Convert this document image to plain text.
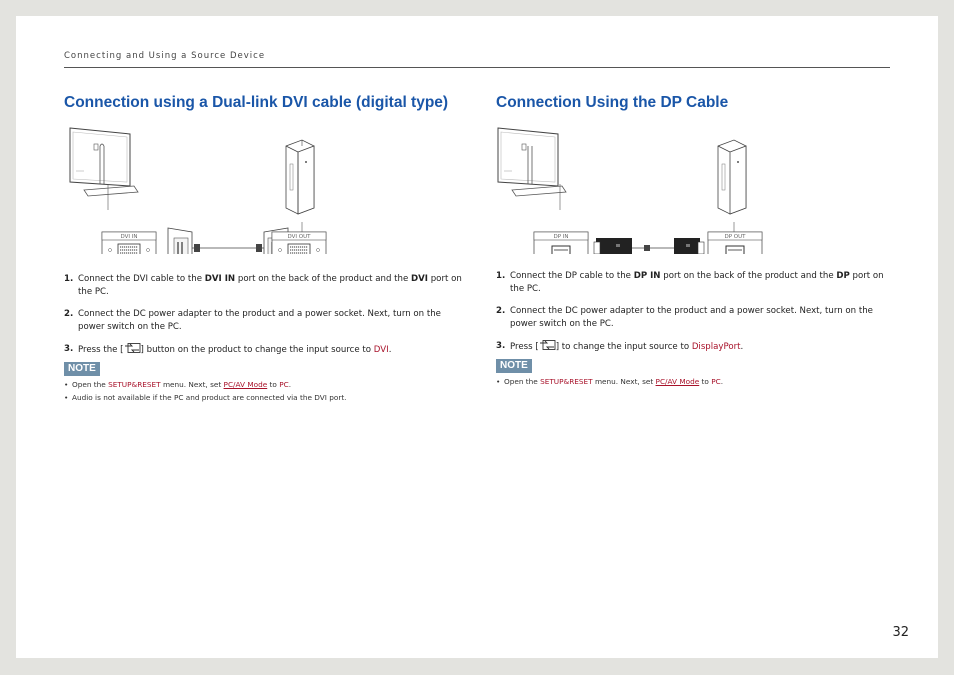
Connecting and Using a Source Device
Connection using a Dual-link DVI cable (digital type)
DVI IN	DVI OUT
1. Connect the DVI cable to the DVI IN port on the back of the product and the DVI port on the PC.
2. Connect the DC power adapter to the product and a power socket. Next, turn on the power switch on the PC.
3. Press the [ ] button on the product to change the input source to DVI.
NOTE
• Open the SETUP&RESET menu. Next, set PC/AV Mode to PC.
• Audio is not available if the PC and product are connected via the DVI port.
Connection Using the DP Cable
DP IN	DP OUT
1. Connect the DP cable to the DP IN port on the back of the product and the DP port on the PC.
2. Connect the DC power adapter to the product and a power socket. Next, turn on the power switch on the PC.
3. Press [ ] to change the input source to DisplayPort.
NOTE
• Open the SETUP&RESET menu. Next, set PC/AV Mode to PC.
32
